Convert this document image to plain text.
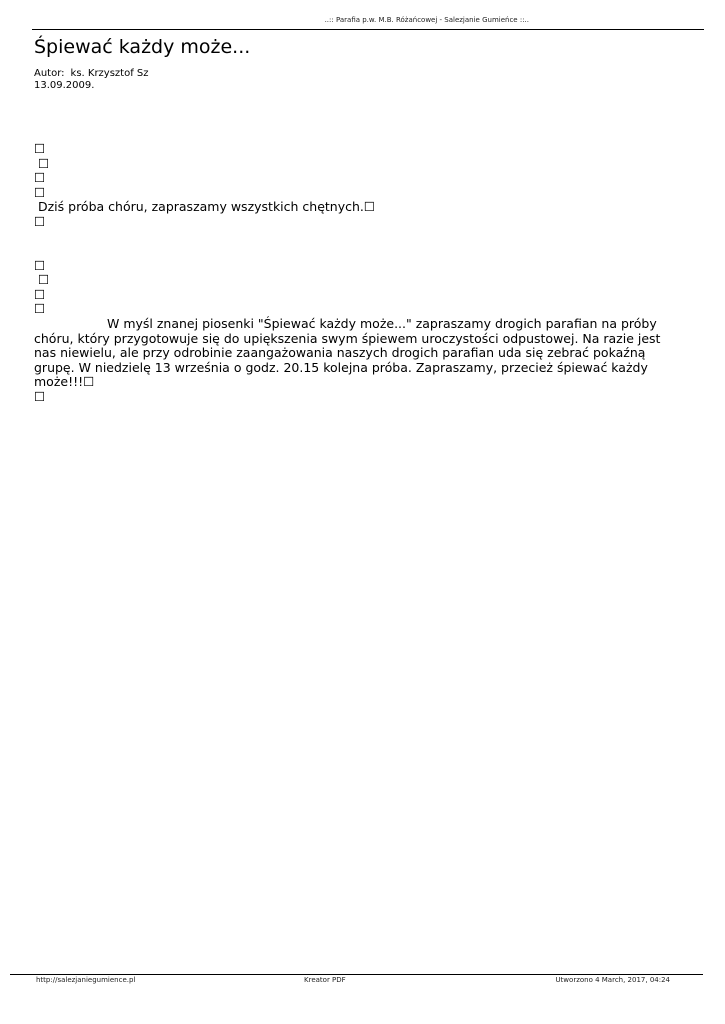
..:: Parafia p.w. M.B. Różańcowej - Salezjanie Gumieńce ::..
Śpiewać każdy może...
Autor: ks. Krzysztof Sz
13.09.2009.
☐
☐
☐
☐
Dziś próba chóru, zapraszamy wszystkich chętnych.☐
☐
☐
☐
☐
☐
W myśl znanej piosenki "Śpiewać każdy może..." zapraszamy drogich parafian na próby chóru, który przygotowuje się do upiększenia swym śpiewem uroczystości odpustowej. Na razie jest nas niewielu, ale przy odrobinie zaangażowania naszych drogich parafian uda się zebrać pokaźną grupę. W niedzielę 13 września o godz. 20.15 kolejna próba. Zapraszamy, przecież śpiewać każdy może!!!☐
☐
http://salezjaniegumience.pl	Kreator PDF	Utworzono 4 March, 2017, 04:24
